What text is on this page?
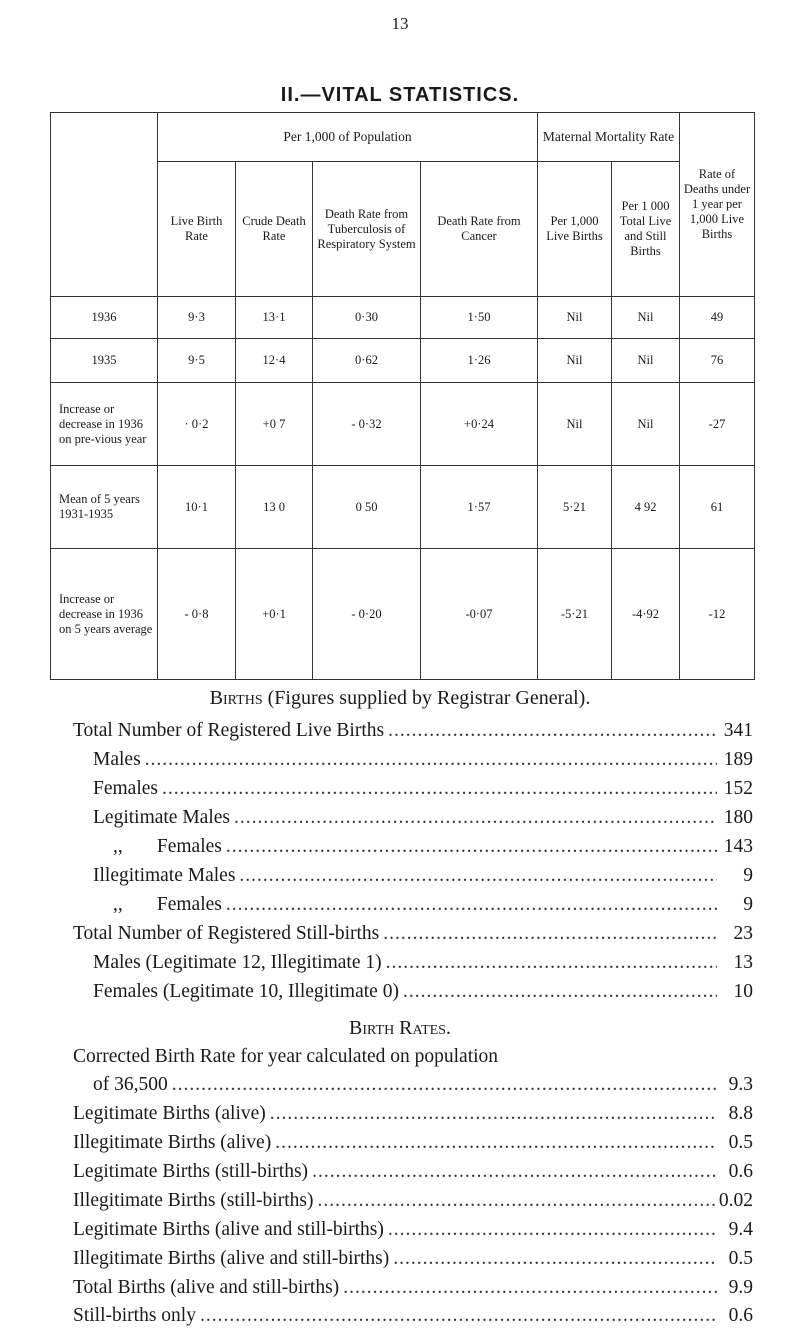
13
II.—VITAL STATISTICS.
	Per 1,000 of Population				Maternal Mortality Rate		Rate of Deaths under 1 year per 1,000 Live Births
	Live Birth Rate	Crude Death Rate	Death Rate from Tuberculosis of Respiratory System	Death Rate from Cancer	Per 1,000 Live Births	Per 1 000 Total Live and Still Births	
1936	9·3	13·1	0·30	1·50	Nil	Nil	49
1935	9·5	12·4	0·62	1·26	Nil	Nil	76
Increase or decrease in 1936 on pre-vious year	· 0·2	+0 7	- 0·32	+0·24	Nil	Nil	-27
Mean of 5 years 1931-1935	10·1	13 0	0 50	1·57	5·21	4 92	61
Increase or decrease in 1936 on 5 years average	- 0·8	+0·1	- 0·20	-0·07	-5·21	-4·92	-12
Births (Figures supplied by Registrar General).
Total Number of Registered Live Births .....	341
Males .....	189
Females .....	152
Legitimate Males .....	180
,,       Females .....	143
Illegitimate Males .....	9
,,       Females .....	9
Total Number of Registered Still-births .....	23
Males (Legitimate 12, Illegitimate 1) .....	13
Females (Legitimate 10, Illegitimate 0) .....	10
Birth Rates.
Corrected Birth Rate for year calculated on population
of 36,500 .....	9.3
Legitimate Births (alive) .....	8.8
Illegitimate Births (alive) .....	0.5
Legitimate Births (still-births) .....	0.6
Illegitimate Births (still-births) .....	0.02
Legitimate Births (alive and still-births) .....	9.4
Illegitimate Births (alive and still-births) .....	0.5
Total Births (alive and still-births) .....	9.9
Still-births only .....	0.6
